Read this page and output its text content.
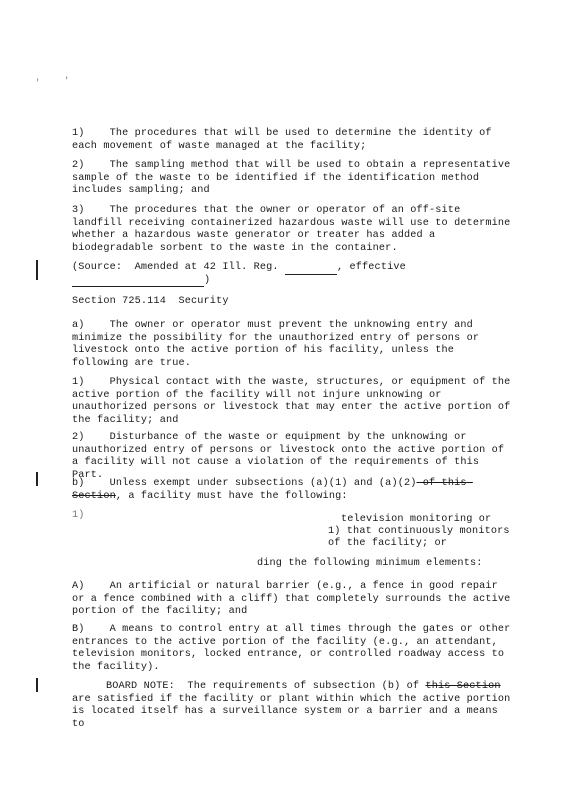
'	'

1)    The procedures that will be used to determine the identity of each movement of waste managed at the facility;

2)    The sampling method that will be used to obtain a representative sample of the waste to be identified if the identification method includes sampling; and

3)    The procedures that the owner or operator of an off-site landfill receiving containerized hazardous waste will use to determine whether a hazardous waste generator or treater has added a biodegradable sorbent to the waste in the container.

(Source:  Amended at 42 Ill. Reg.	, effective
)

Section 725.114  Security

a)    The owner or operator must prevent the unknowing entry and minimize the possibility for the unauthorized entry of persons or livestock onto the active portion of his facility, unless the following are true.

1)    Physical contact with the waste, structures, or equipment of the active portion of the facility will not injure unknowing or unauthorized persons or livestock that may enter the active portion of the facility; and

2)    Disturbance of the waste or equipment by the unknowing or unauthorized entry of persons or livestock onto the active portion of a facility will not cause a violation of the requirements of this Part.

b)    Unless exempt under subsections (a)(1) and (a)(2) of this Section, a facility must have the following:

1)	television monitoring or
1) that continuously monitors
of the facility; or
ding the following minimum elements:

A)    An artificial or natural barrier (e.g., a fence in good repair or a fence combined with a cliff) that completely surrounds the active portion of the facility; and

B)    A means to control entry at all times through the gates or other entrances to the active portion of the facility (e.g., an attendant, television monitors, locked entrance, or controlled roadway access to the facility).

BOARD NOTE:  The requirements of subsection (b) of this Section are satisfied if the facility or plant within which the active portion is located itself has a surveillance system or a barrier and a means to
